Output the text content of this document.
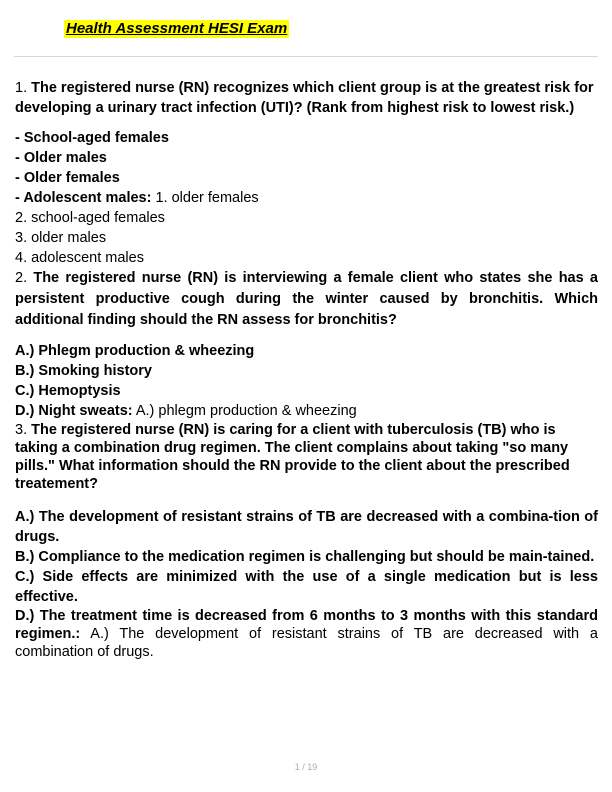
Health Assessment HESI Exam

1. The registered nurse (RN) recognizes which client group is at the greatest risk for developing a urinary tract infection (UTI)? (Rank from highest risk to lowest risk.)

- School-aged females

- Older males

- Older females

- Adolescent males: 1. older females

2. school-aged females

3. older males

4. adolescent males

2. The registered nurse (RN) is interviewing a female client who states she has a persistent productive cough during the winter caused by bronchitis. Which additional finding should the RN assess for bronchitis?

A.) Phlegm production & wheezing

B.) Smoking history

C.) Hemoptysis

D.) Night sweats: A.) phlegm production & wheezing

3. The registered nurse (RN) is caring for a client with tuberculosis (TB) who is taking a combination drug regimen. The client complains about taking "so many pills." What information should the RN provide to the client about the prescribed treatement?

A.) The development of resistant strains of TB are decreased with a combina-tion of drugs.

B.) Compliance to the medication regimen is challenging but should be main-tained.

C.) Side effects are minimized with the use of a single medication but is less effective.

D.) The treatment time is decreased from 6 months to 3 months with this standard regimen.: A.) The development of resistant strains of TB are decreased with a combination of drugs.

1 / 19
